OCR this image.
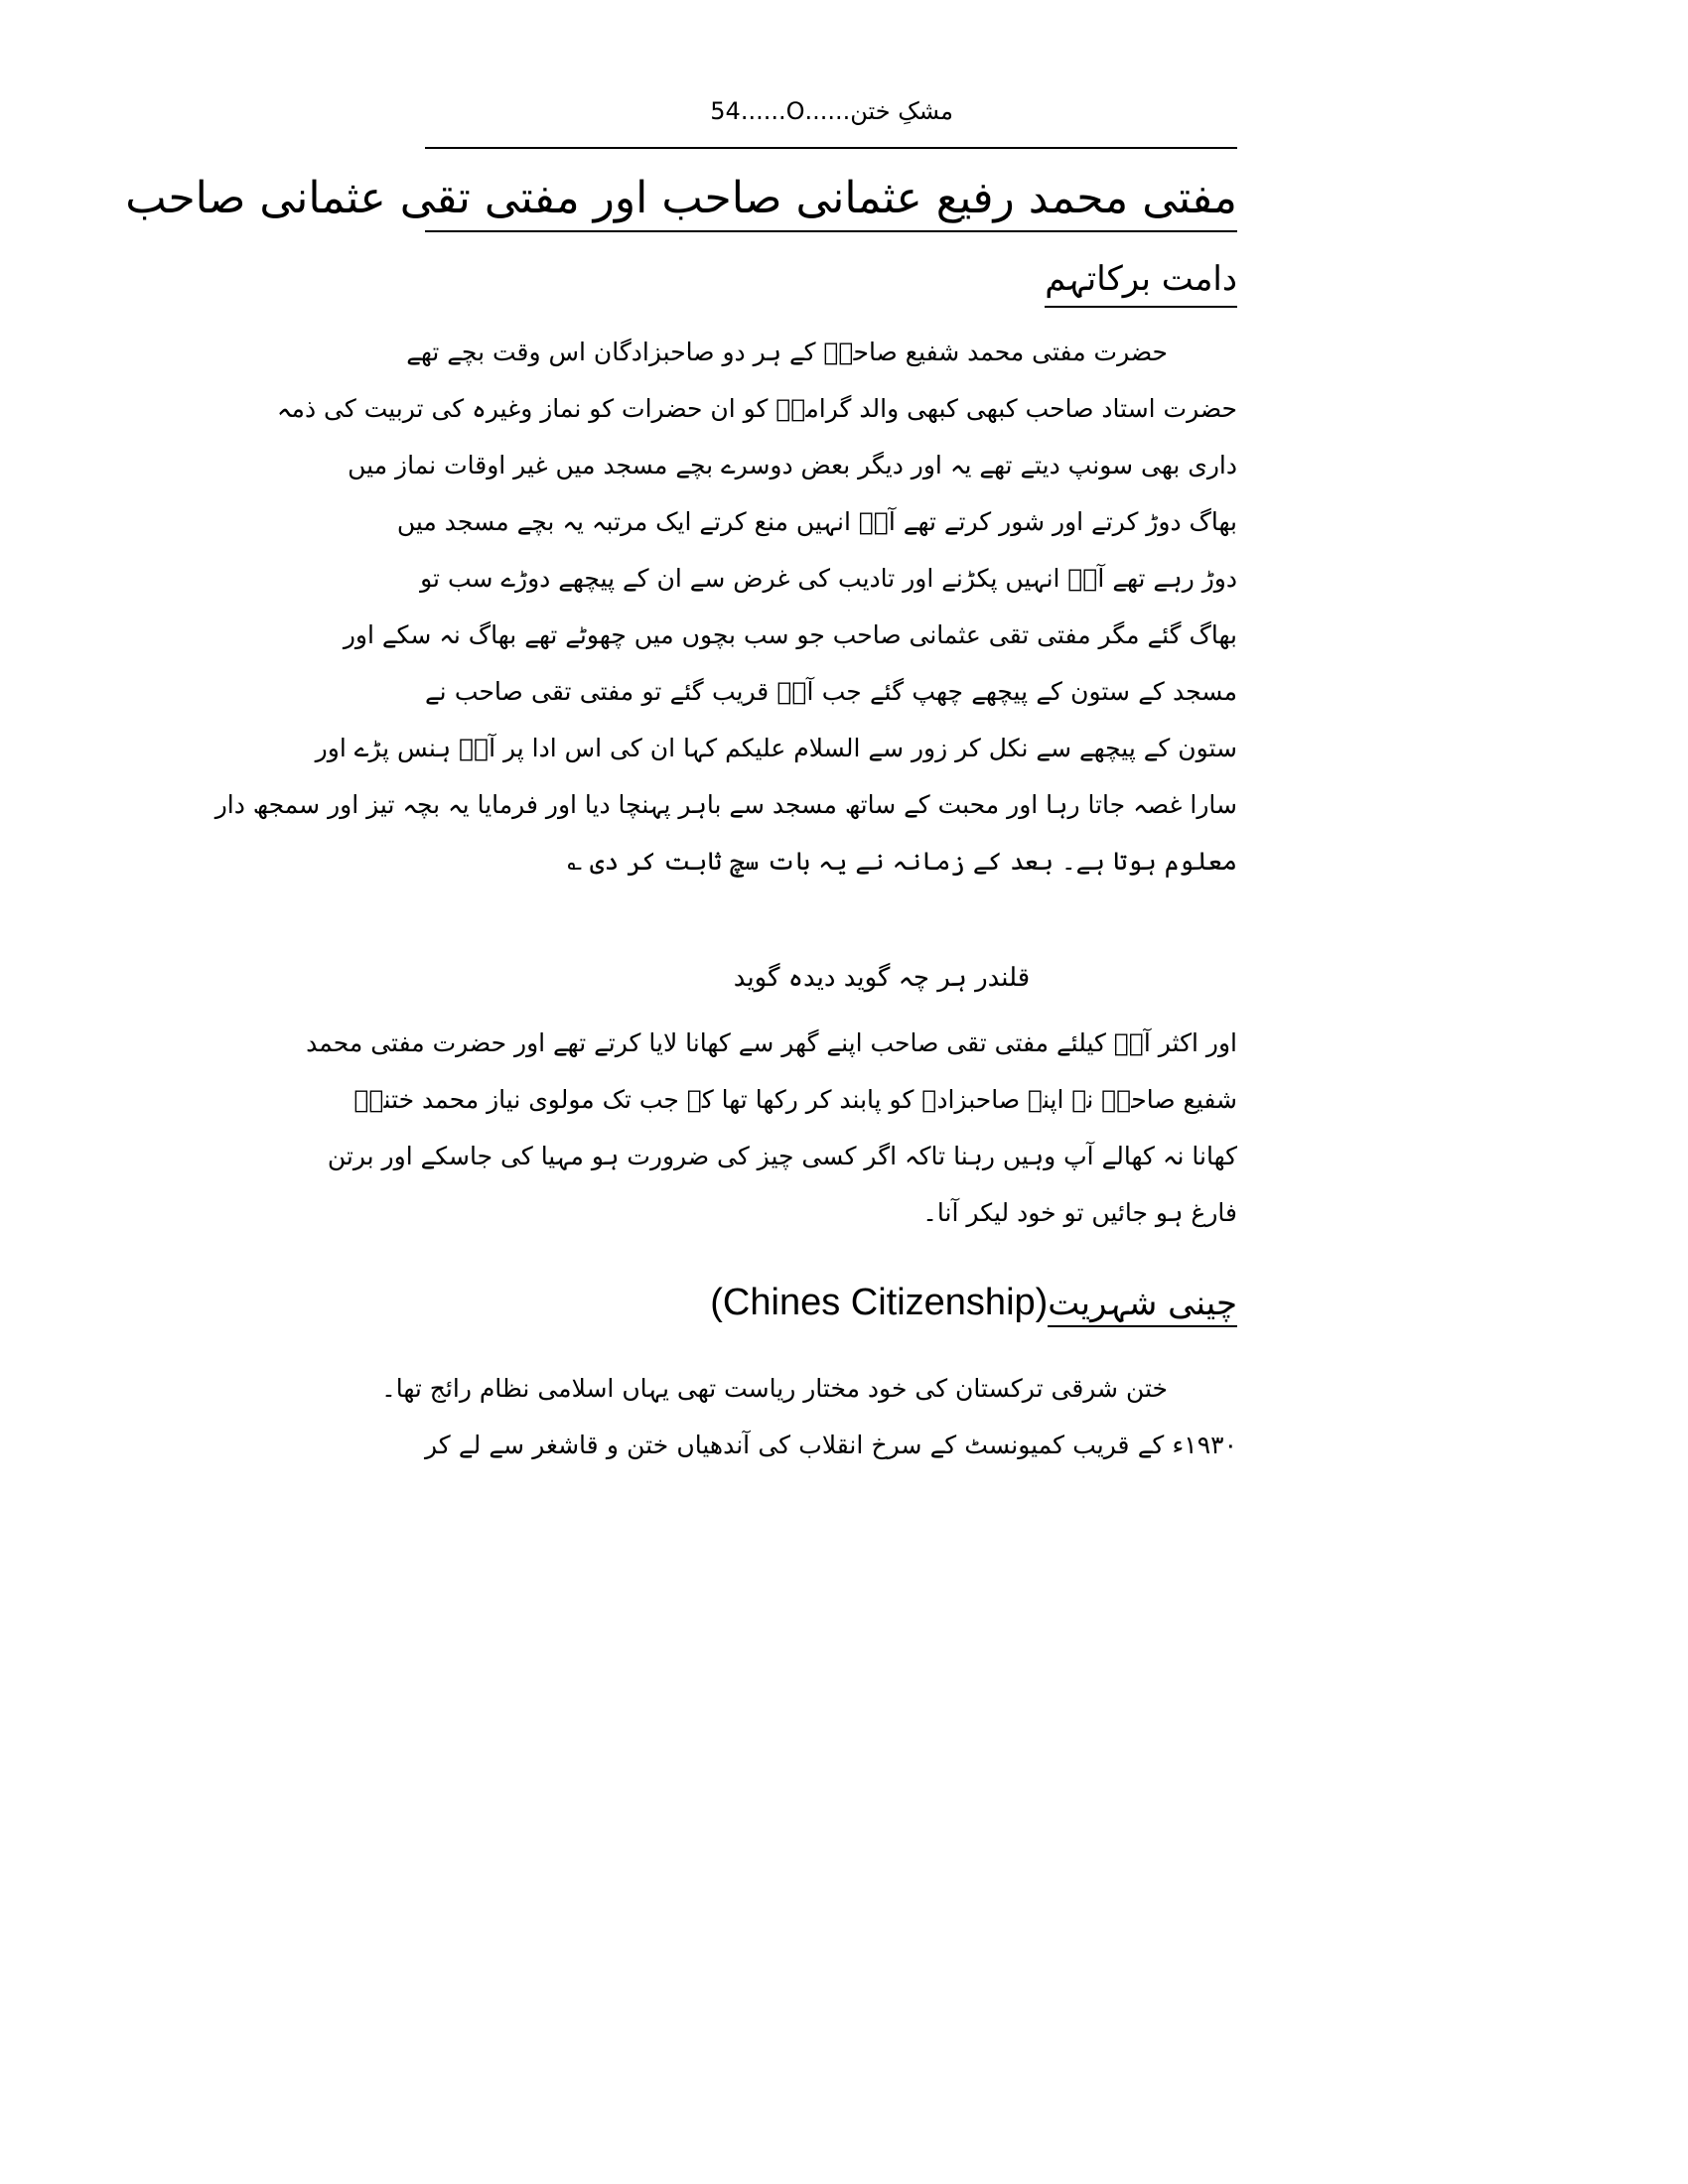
مشکِ ختن......O......54
مفتی محمد رفیع عثمانی صاحب اور مفتی تقی عثمانی صاحب
دامت برکاتہم
حضرت مفتی محمد شفیع صاحبؒ کے ہر دو صاحبزادگان اس وقت بچے تھے
حضرت استاد صاحب کبھی کبھی والد گرامیؒ کو ان حضرات کو نماز وغیرہ کی تربیت کی ذمہ
داری بھی سونپ دیتے تھے یہ اور دیگر بعض دوسرے بچے مسجد میں غیر اوقات نماز میں
بھاگ دوڑ کرتے اور شور کرتے تھے آپؒ انہیں منع کرتے ایک مرتبہ یہ بچے مسجد میں
دوڑ رہے تھے آپؒ انہیں پکڑنے اور تادیب کی غرض سے ان کے پیچھے دوڑے سب تو
بھاگ گئے مگر مفتی تقی عثمانی صاحب جو سب بچوں میں چھوٹے تھے بھاگ نہ سکے اور
مسجد کے ستون کے پیچھے چھپ گئے جب آپؒ قریب گئے تو مفتی تقی صاحب نے
ستون کے پیچھے سے نکل کر زور سے السلام علیکم کہا ان کی اس ادا پر آپؒ ہنس پڑے اور
سارا غصہ جاتا رہا اور محبت کے ساتھ مسجد سے باہر پہنچا دیا اور فرمایا یہ بچہ تیز اور سمجھ دار
معلوم ہوتا ہے۔ بعد کے زمانہ نے یہ بات سچ ثابت کر دی ؎
قلندر ہر چہ گوید دیدہ گوید
اور اکثر آپؒ کیلئے مفتی تقی صاحب اپنے گھر سے کھانا لایا کرتے تھے اور حضرت مفتی محمد
شفیع صاحبؒ نے اپنے صاحبزادے کو پابند کر رکھا تھا کہ جب تک مولوی نیاز محمد ختنیؒ
کھانا نہ کھالے آپ وہیں رہنا تاکہ اگر کسی چیز کی ضرورت ہو مہیا کی جاسکے اور برتن
فارغ ہو جائیں تو خود لیکر آنا۔
چینی شہریت(Chines Citizenship)
ختن شرقی ترکستان کی خود مختار ریاست تھی یہاں اسلامی نظام رائج تھا۔
۱۹۳۰ء کے قریب کمیونسٹ کے سرخ انقلاب کی آندھیاں ختن و قاشغر سے لے کر
